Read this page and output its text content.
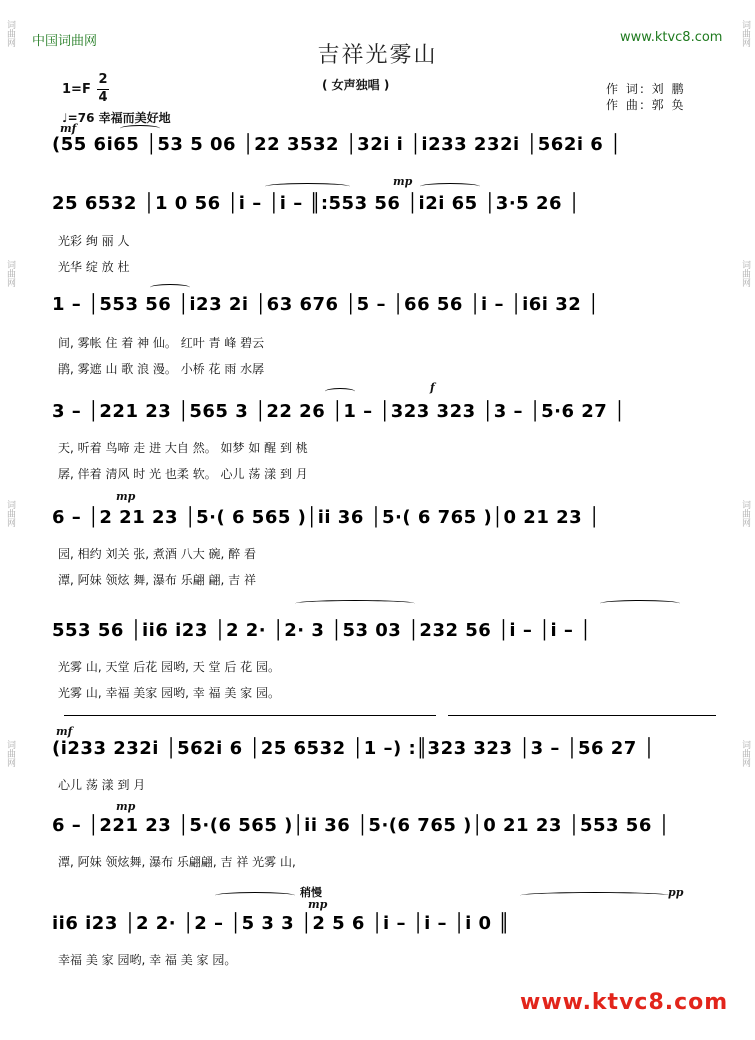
中国词曲网	www.ktvc8.com
吉祥光雾山
( 女声独唱 )	作 词: 刘 鹏
作 曲: 郭 奂
1=F
2
4
♩=76 幸福而美好地
词曲网
词曲网
词曲网
词曲网
词曲网
词曲网
词曲网
词曲网
mf
mp
f
mp
mf
mp
mp
pp
稍慢
(55 6i65 │53 5 06 │22 3532 │32i i │i233 232i │562i 6 │
25 6532 │1 0 56 │i – │i – ║:553 56 │i2i 65 │3·5 26 │
光彩 绚 丽 人
光华 绽 放 杜
1 – │553 56 │i23 2i │63 676 │5 – │66 56 │i – │i6i 32 │
间, 雾帐 住 着 神 仙。 红叶 青 峰 碧云
鹃, 雾遮 山 歌 浪 漫。 小桥 花 雨 水孱
3 – │221 23 │565 3 │22 26 │1 – │323 323 │3 – │5·6 27 │
天, 听着 鸟啼 走 进 大自 然。 如梦 如 醒 到 桃
孱, 伴着 清风 时 光 也柔 软。 心儿 荡 漾 到 月
6 – │2 21 23 │5·( 6 565 )│ii 36 │5·( 6 765 )│0 21 23 │
园, 相约 刘关 张, 煮酒 八大 碗, 醉 看
潭, 阿妹 领炫 舞, 瀑布 乐翩 翩, 吉 祥
553 56 │ii6 i23 │2 2· │2· 3 │53 03 │232 56 │i – │i – │
光雾 山, 天堂 后花 园哟, 天 堂 后 花 园。
光雾 山, 幸福 美家 园哟, 幸 福 美 家 园。
(i233 232i │562i 6 │25 6532 │1 –) :║323 323 │3 – │56 27 │
心儿 荡 漾 到 月
6 – │221 23 │5·(6 565 )│ii 36 │5·(6 765 )│0 21 23 │553 56 │
潭, 阿妹 领炫舞, 瀑布 乐翩翩, 吉 祥 光雾 山,
ii6 i23 │2 2· │2 – │5 3 3 │2 5 6 │i – │i – │i 0 ║
幸福 美 家 园哟, 幸 福 美 家 园。
www.ktvc8.com
